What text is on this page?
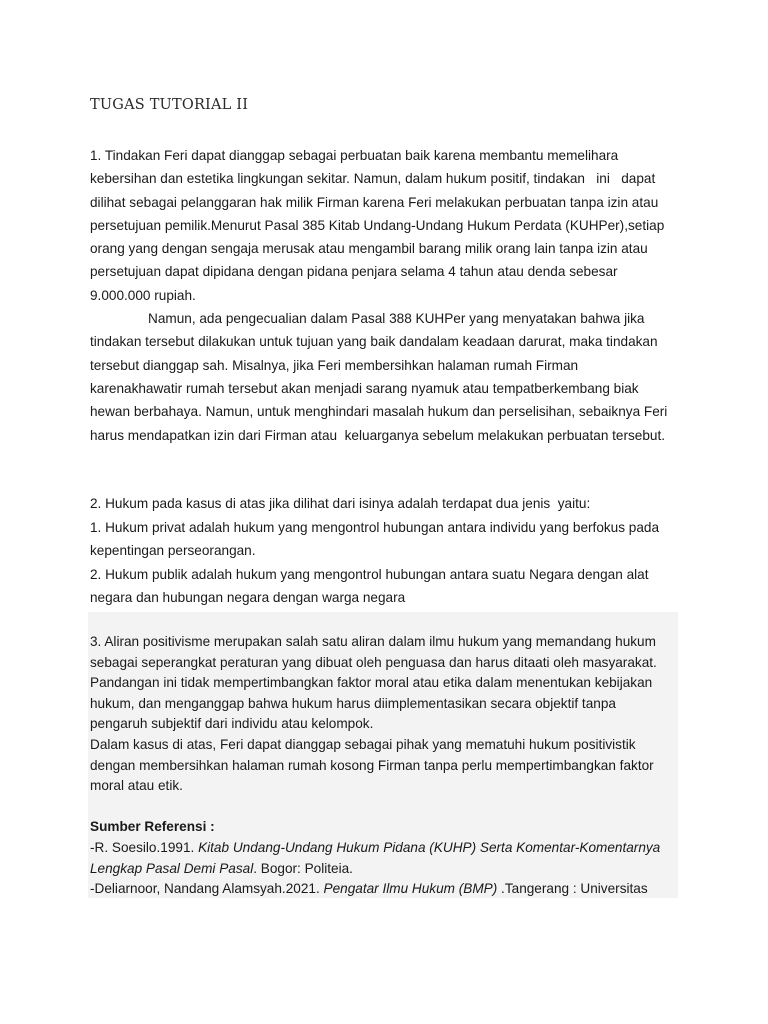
TUGAS TUTORIAL II

1. Tindakan Feri dapat dianggap sebagai perbuatan baik karena membantu memelihara
kebersihan dan estetika lingkungan sekitar. Namun, dalam hukum positif, tindakan   ini   dapat
dilihat sebagai pelanggaran hak milik Firman karena Feri melakukan perbuatan tanpa izin atau
persetujuan pemilik.Menurut Pasal 385 Kitab Undang-Undang Hukum Perdata (KUHPer),setiap
orang yang dengan sengaja merusak atau mengambil barang milik orang lain tanpa izin atau
persetujuan dapat dipidana dengan pidana penjara selama 4 tahun atau denda sebesar
9.000.000 rupiah.

Namun, ada pengecualian dalam Pasal 388 KUHPer yang menyatakan bahwa jika
tindakan tersebut dilakukan untuk tujuan yang baik dandalam keadaan darurat, maka tindakan
tersebut dianggap sah. Misalnya, jika Feri membersihkan halaman rumah Firman
karenakhawatir rumah tersebut akan menjadi sarang nyamuk atau tempatberkembang biak
hewan berbahaya. Namun, untuk menghindari masalah hukum dan perselisihan, sebaiknya Feri
harus mendapatkan izin dari Firman atau  keluarganya sebelum melakukan perbuatan tersebut.

2. Hukum pada kasus di atas jika dilihat dari isinya adalah terdapat dua jenis  yaitu:
1. Hukum privat adalah hukum yang mengontrol hubungan antara individu yang berfokus pada
kepentingan perseorangan.
2. Hukum publik adalah hukum yang mengontrol hubungan antara suatu Negara dengan alat
negara dan hubungan negara dengan warga negara

3. Aliran positivisme merupakan salah satu aliran dalam ilmu hukum yang memandang hukum
sebagai seperangkat peraturan yang dibuat oleh penguasa dan harus ditaati oleh masyarakat.
Pandangan ini tidak mempertimbangkan faktor moral atau etika dalam menentukan kebijakan
hukum, dan menganggap bahwa hukum harus diimplementasikan secara objektif tanpa
pengaruh subjektif dari individu atau kelompok.
Dalam kasus di atas, Feri dapat dianggap sebagai pihak yang mematuhi hukum positivistik
dengan membersihkan halaman rumah kosong Firman tanpa perlu mempertimbangkan faktor
moral atau etik.

Sumber Referensi :

-R. Soesilo.1991. Kitab Undang-Undang Hukum Pidana (KUHP) Serta Komentar-Komentarnya
Lengkap Pasal Demi Pasal. Bogor: Politeia.

-Deliarnoor, Nandang Alamsyah.2021. Pengatar Ilmu Hukum (BMP) .Tangerang : Universitas
